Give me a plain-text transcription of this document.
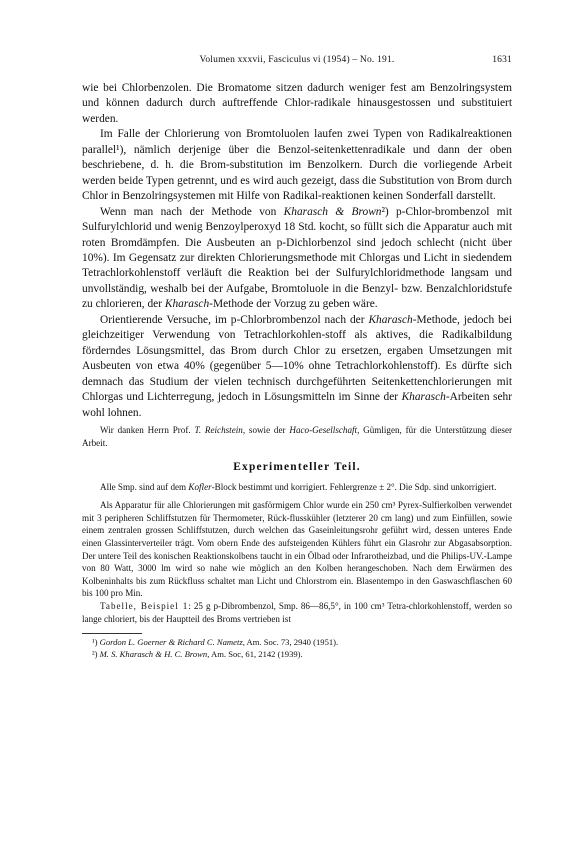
Volumen xxxvii, Fasciculus vi (1954) – No. 191.	1631

wie bei Chlorbenzolen. Die Bromatome sitzen dadurch weniger fest am Benzolringsystem und können dadurch durch auftreffende Chlor-radikale hinausgestossen und substituiert werden.

Im Falle der Chlorierung von Bromtoluolen laufen zwei Typen von Radikalreaktionen parallel¹), nämlich derjenige über die Benzol-seitenkettenradikale und dann der oben beschriebene, d. h. die Brom-substitution im Benzolkern. Durch die vorliegende Arbeit werden beide Typen getrennt, und es wird auch gezeigt, dass die Substitution von Brom durch Chlor in Benzolringsystemen mit Hilfe von Radikal-reaktionen keinen Sonderfall darstellt.

Wenn man nach der Methode von Kharasch & Brown²) p-Chlor-brombenzol mit Sulfurylchlorid und wenig Benzoylperoxyd 18 Std. kocht, so füllt sich die Apparatur auch mit roten Bromdämpfen. Die Ausbeuten an p-Dichlorbenzol sind jedoch schlecht (nicht über 10%). Im Gegensatz zur direkten Chlorierungsmethode mit Chlorgas und Licht in siedendem Tetrachlorkohlenstoff verläuft die Reaktion bei der Sulfurylchloridmethode langsam und unvollständig, weshalb bei der Aufgabe, Bromtoluole in die Benzyl- bzw. Benzalchloridstufe zu chlorieren, der Kharasch-Methode der Vorzug zu geben wäre.

Orientierende Versuche, im p-Chlorbrombenzol nach der Kharasch-Methode, jedoch bei gleichzeitiger Verwendung von Tetrachlorkohlen-stoff als aktives, die Radikalbildung förderndes Lösungsmittel, das Brom durch Chlor zu ersetzen, ergaben Umsetzungen mit Ausbeuten von etwa 40% (gegenüber 5—10% ohne Tetrachlorkohlenstoff). Es dürfte sich demnach das Studium der vielen technisch durchgeführten Seitenkettenchlorierungen mit Chlorgas und Lichterregung, jedoch in Lösungsmitteln im Sinne der Kharasch-Arbeiten sehr wohl lohnen.

Wir danken Herrn Prof. T. Reichstein, sowie der Haco-Gesellschaft, Gümligen, für die Unterstützung dieser Arbeit.

Experimenteller Teil.

Alle Smp. sind auf dem Kofler-Block bestimmt und korrigiert. Fehlergrenze ± 2°. Die Sdp. sind unkorrigiert.

Als Apparatur für alle Chlorierungen mit gasförmigem Chlor wurde ein 250 cm³ Pyrex-Sulfierkolben verwendet mit 3 peripheren Schliffstutzen für Thermometer, Rück-flusskühler (letzterer 20 cm lang) und zum Einfüllen, sowie einem zentralen grossen Schliffstutzen, durch welchen das Gaseinleitungsrohr geführt wird, dessen unteres Ende einen Glassinterverteiler trägt. Vom obern Ende des aufsteigenden Kühlers führt ein Glasrohr zur Abgasabsorption. Der untere Teil des konischen Reaktionskolbens taucht in ein Ölbad oder Infrarotheizbad, und die Philips-UV.-Lampe von 80 Watt, 3000 lm wird so nahe wie möglich an den Kolben herangeschoben. Nach dem Erwärmen des Kolbeninhalts bis zum Rückfluss schaltet man Licht und Chlorstrom ein. Blasentempo in den Gaswaschflaschen 60 bis 100 pro Min.

Tabelle, Beispiel 1: 25 g p-Dibrombenzol, Smp. 86—86,5°, in 100 cm³ Tetra-chlorkohlenstoff, werden so lange chloriert, bis der Hauptteil des Broms vertrieben ist

¹) Gordon L. Goerner & Richard C. Nametz, Am. Soc. 73, 2940 (1951).

²) M. S. Kharasch & H. C. Brown, Am. Soc, 61, 2142 (1939).
